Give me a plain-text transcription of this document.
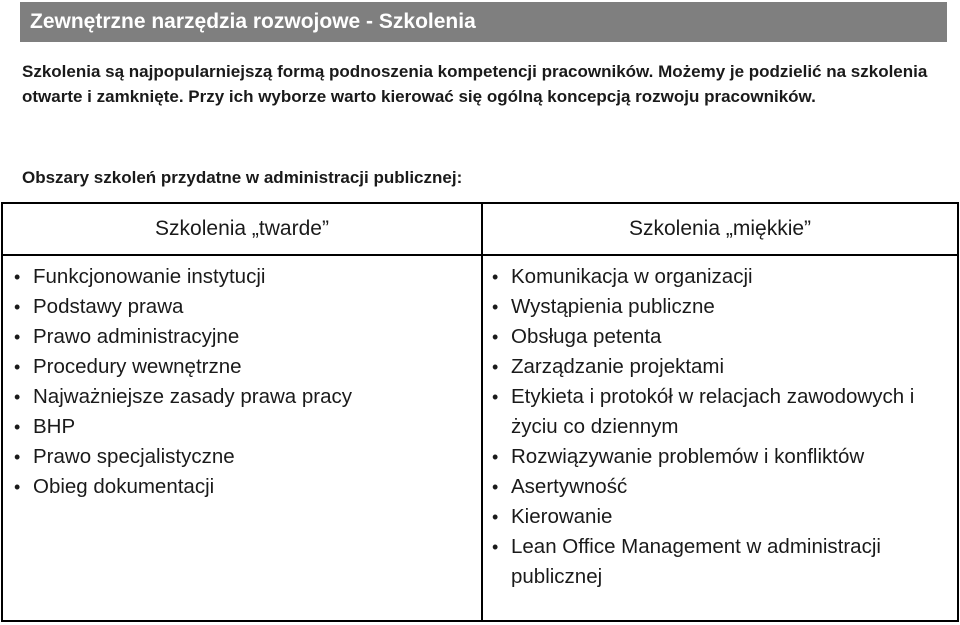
Zewnętrzne narzędzia rozwojowe - Szkolenia

Szkolenia są najpopularniejszą formą podnoszenia kompetencji pracowników. Możemy je podzielić na szkolenia otwarte i zamknięte. Przy ich wyborze warto kierować się ogólną koncepcją rozwoju pracowników.

Obszary szkoleń przydatne w administracji publicznej:

Szkolenia „twarde”	Szkolenia „miękkie”
• Funkcjonowanie instytucji
• Podstawy prawa
• Prawo administracyjne
• Procedury wewnętrzne
• Najważniejsze zasady prawa pracy
• BHP
• Prawo specjalistyczne
• Obieg dokumentacji
• Komunikacja w organizacji
• Wystąpienia publiczne
• Obsługa petenta
• Zarządzanie projektami
• Etykieta i protokół w relacjach zawodowych i życiu co dziennym
• Rozwiązywanie problemów i konfliktów
• Asertywność
• Kierowanie
• Lean Office Management w administracji publicznej
